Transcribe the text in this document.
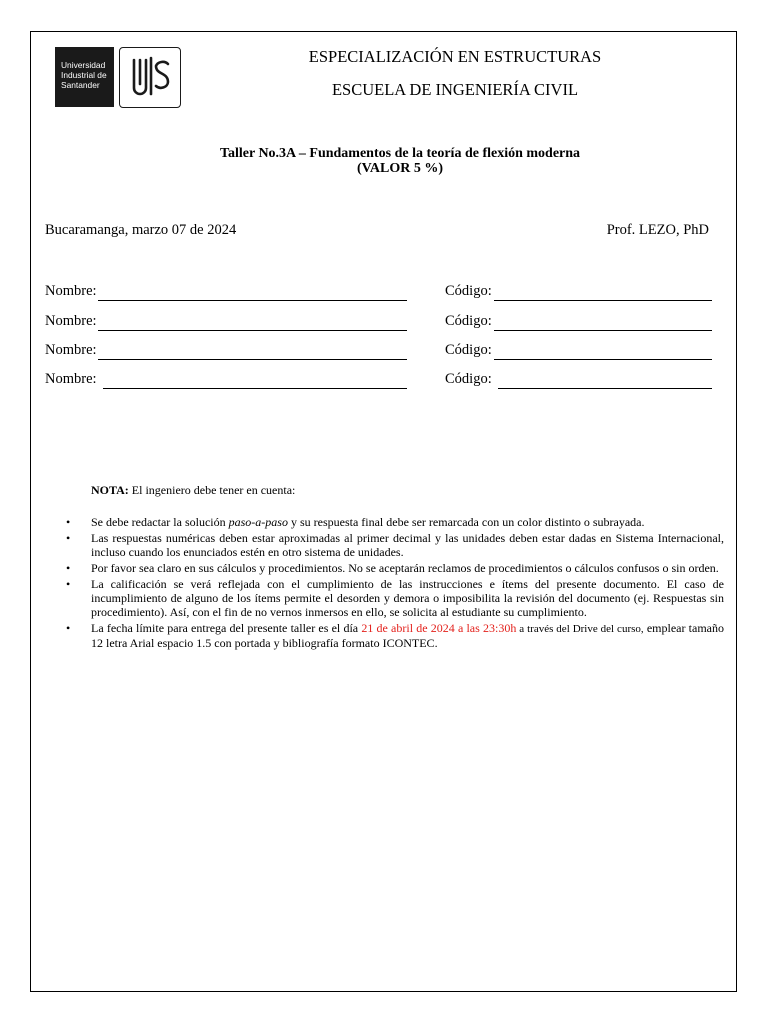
Universidad
Industrial de
Santander
ESPECIALIZACIÓN EN ESTRUCTURAS
ESCUELA DE INGENIERÍA CIVIL
Taller No.3A – Fundamentos de la teoría de flexión moderna
(VALOR 5 %)
Bucaramanga, marzo 07 de 2024	Prof. LEZO, PhD
Nombre:	Código:
Nombre:	Código:
Nombre:	Código:
Nombre:	Código:
NOTA: El ingeniero debe tener en cuenta:
• Se debe redactar la solución paso-a-paso y su respuesta final debe ser remarcada con un color distinto o subrayada.
• Las respuestas numéricas deben estar aproximadas al primer decimal y las unidades deben estar dadas en Sistema Internacional, incluso cuando los enunciados estén en otro sistema de unidades.
• Por favor sea claro en sus cálculos y procedimientos. No se aceptarán reclamos de procedimientos o cálculos confusos o sin orden.
• La calificación se verá reflejada con el cumplimiento de las instrucciones e ítems del presente documento. El caso de incumplimiento de alguno de los ítems permite el desorden y demora o imposibilita la revisión del documento (ej. Respuestas sin procedimiento). Así, con el fin de no vernos inmersos en ello, se solicita al estudiante su cumplimiento.
• La fecha límite para entrega del presente taller es el día 21 de abril de 2024 a las 23:30h a través del Drive del curso, emplear tamaño 12 letra Arial espacio 1.5 con portada y bibliografía formato ICONTEC.
